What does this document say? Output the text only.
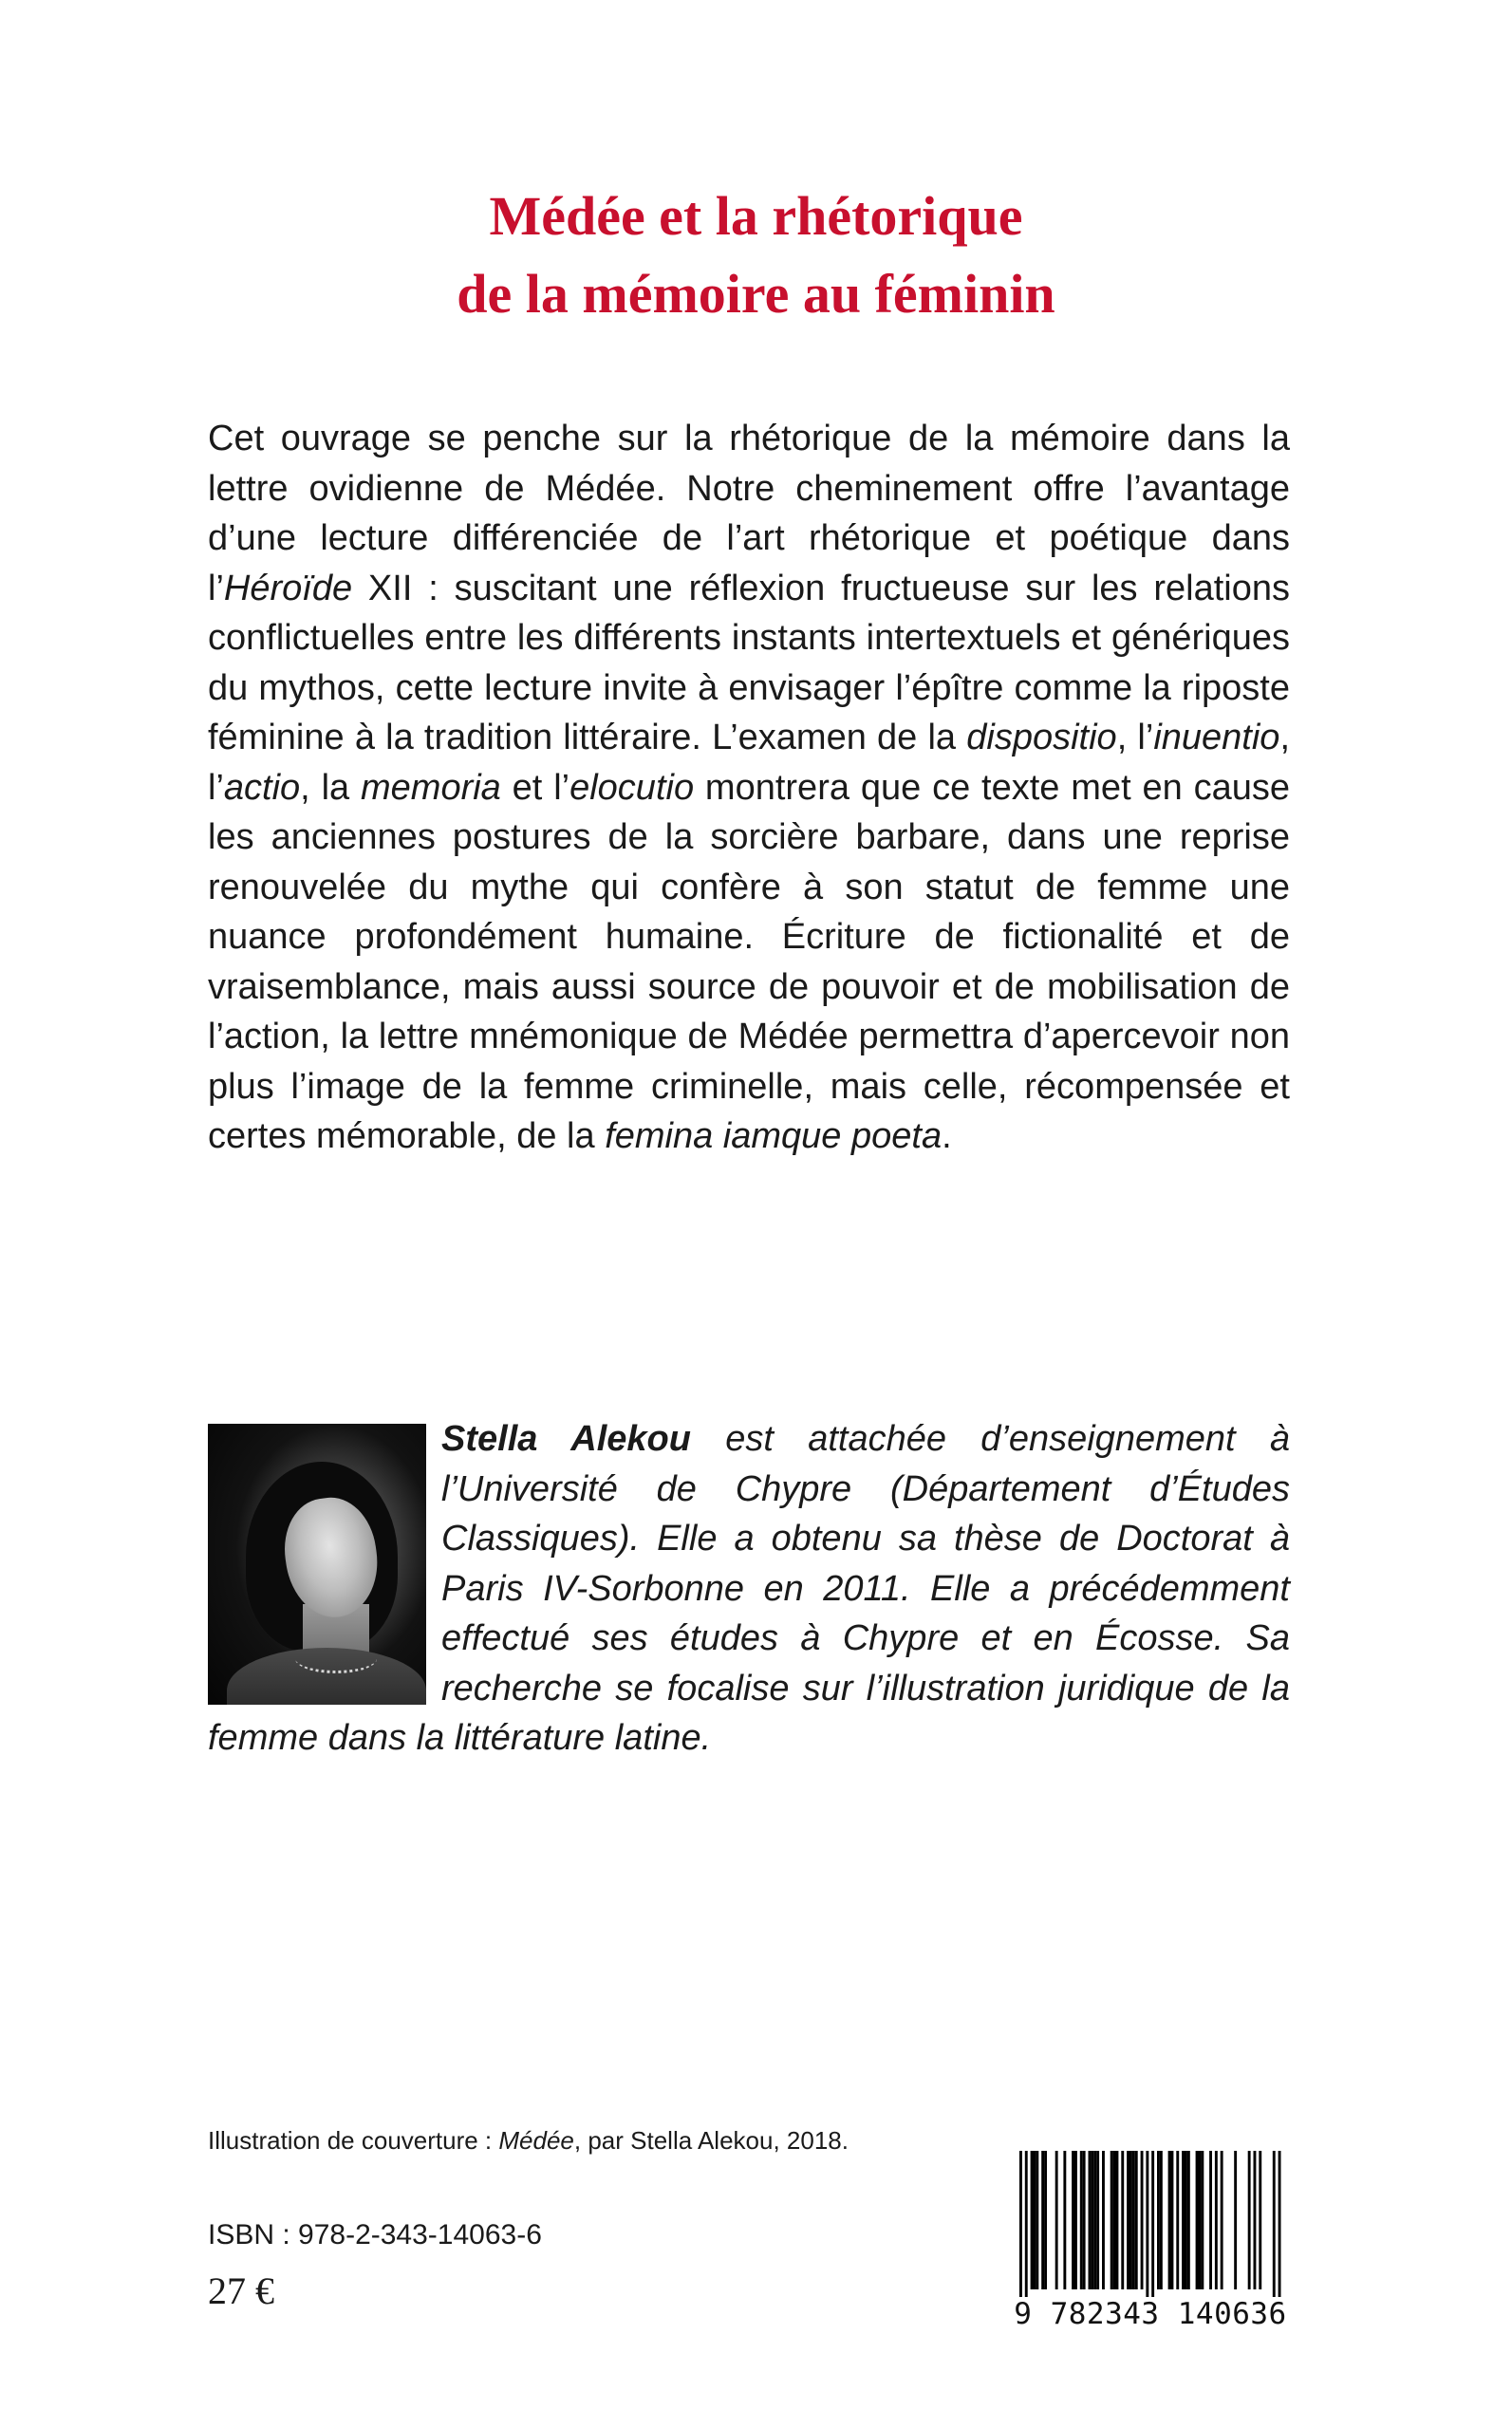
Médée et la rhétorique
de la mémoire au féminin

Cet ouvrage se penche sur la rhétorique de la mémoire dans la lettre ovidienne de Médée. Notre cheminement offre l’avantage d’une lecture différenciée de l’art rhétorique et poétique dans l’Héroïde XII : suscitant une réflexion fructueuse sur les relations conflictuelles entre les différents instants intertextuels et génériques du mythos, cette lecture invite à envisager l’épître comme la riposte féminine à la tradition littéraire. L’examen de la dispositio, l’inuentio, l’actio, la memoria et l’elocutio montrera que ce texte met en cause les anciennes postures de la sorcière barbare, dans une reprise renouvelée du mythe qui confère à son statut de femme une nuance profondément humaine. Écriture de fictionalité et de vraisemblance, mais aussi source de pouvoir et de mobilisation de l’action, la lettre mnémonique de Médée permettra d’apercevoir non plus l’image de la femme criminelle, mais celle, récompensée et certes mémorable, de la femina iamque poeta.

Stella Alekou est attachée d’enseignement à l’Université de Chypre (Département d’Études Classiques). Elle a obtenu sa thèse de Doctorat à Paris IV-Sorbonne en 2011. Elle a précédemment effectué ses études à Chypre et en Écosse. Sa recherche se focalise sur l’illustration juridique de la femme dans la littérature latine.

Illustration de couverture : Médée, par Stella Alekou, 2018.
ISBN : 978-2-343-14063-6
27 €
9 782343 140636
